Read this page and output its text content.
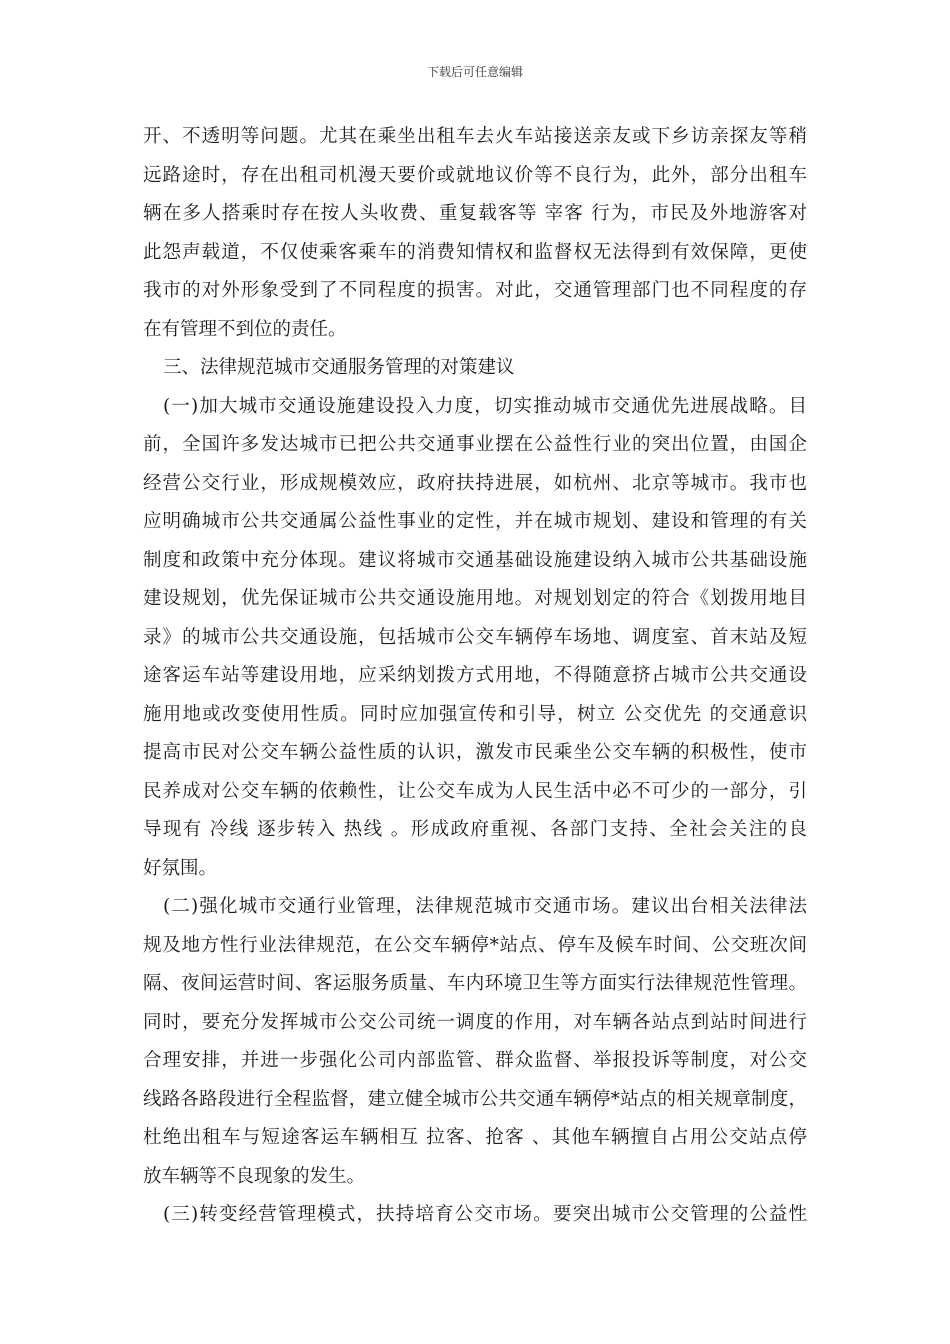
下载后可任意编辑
开、不透明等问题。尤其在乘坐出租车去火车站接送亲友或下乡访亲探友等稍
远路途时，存在出租司机漫天要价或就地议价等不良行为，此外，部分出租车
辆在多人搭乘时存在按人头收费、重复载客等 宰客 行为，市民及外地游客对
此怨声载道，不仅使乘客乘车的消费知情权和监督权无法得到有效保障，更使
我市的对外形象受到了不同程度的损害。对此，交通管理部门也不同程度的存
在有管理不到位的责任。
三、法律规范城市交通服务管理的对策建议
(一)加大城市交通设施建设投入力度，切实推动城市交通优先进展战略。目
前，全国许多发达城市已把公共交通事业摆在公益性行业的突出位置，由国企
经营公交行业，形成规模效应，政府扶持进展，如杭州、北京等城市。我市也
应明确城市公共交通属公益性事业的定性，并在城市规划、建设和管理的有关
制度和政策中充分体现。建议将城市交通基础设施建设纳入城市公共基础设施
建设规划，优先保证城市公共交通设施用地。对规划划定的符合《划拨用地目
录》的城市公共交通设施，包括城市公交车辆停车场地、调度室、首末站及短
途客运车站等建设用地，应采纳划拨方式用地，不得随意挤占城市公共交通设
施用地或改变使用性质。同时应加强宣传和引导，树立 公交优先 的交通意识
提高市民对公交车辆公益性质的认识，激发市民乘坐公交车辆的积极性，使市
民养成对公交车辆的依赖性，让公交车成为人民生活中必不可少的一部分，引
导现有 冷线 逐步转入 热线 。形成政府重视、各部门支持、全社会关注的良
好氛围。
(二)强化城市交通行业管理，法律规范城市交通市场。建议出台相关法律法
规及地方性行业法律规范，在公交车辆停*站点、停车及候车时间、公交班次间
隔、夜间运营时间、客运服务质量、车内环境卫生等方面实行法律规范性管理。
同时，要充分发挥城市公交公司统一调度的作用，对车辆各站点到站时间进行
合理安排，并进一步强化公司内部监管、群众监督、举报投诉等制度，对公交
线路各路段进行全程监督，建立健全城市公共交通车辆停*站点的相关规章制度，
杜绝出租车与短途客运车辆相互 拉客、抢客 、其他车辆擅自占用公交站点停
放车辆等不良现象的发生。
(三)转变经营管理模式，扶持培育公交市场。要突出城市公交管理的公益性
